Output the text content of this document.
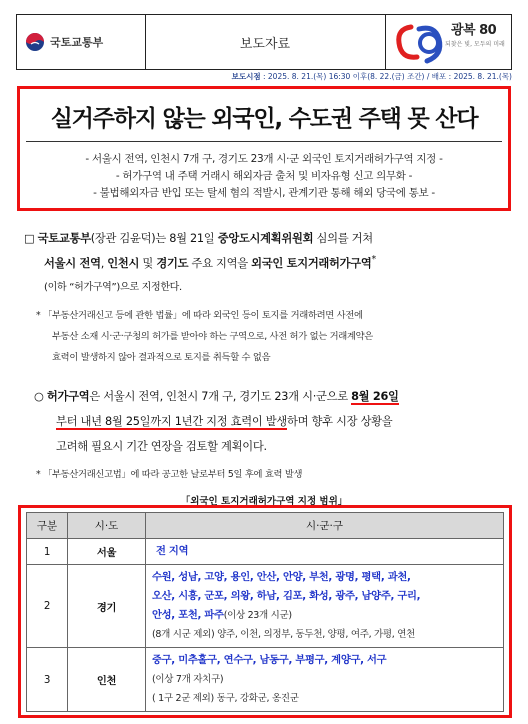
국토교통부	보도자료
광복 80
되찾은 빛, 모두의 미래
보도시점 : 2025. 8. 21.(목) 16:30 이후(8. 22.(금) 조간) / 배포 : 2025. 8. 21.(목)
실거주하지 않는 외국인, 수도권 주택 못 산다
- 서울시 전역, 인천시 7개 구, 경기도 23개 시·군 외국인 토지거래허가구역 지정 -
- 허가구역 내 주택 거래시 해외자금 출처 및 비자유형 신고 의무화 -
- 불법해외자금 반입 또는 탈세 혐의 적발시, 관계기관 통해 해외 당국에 통보 -
□ 국토교통부(장관 김윤덕)는 8월 21일 중앙도시계획위원회 심의를 거쳐
서울시 전역, 인천시 및 경기도 주요 지역을 외국인 토지거래허가구역*
(이하 “허가구역”)으로 지정한다.
* 「부동산거래신고 등에 관한 법률」에 따라 외국인 등이 토지를 거래하려면 사전에
부동산 소재 시·군·구청의 허가를 받아야 하는 구역으로, 사전 허가 없는 거래계약은
효력이 발생하지 않아 결과적으로 토지를 취득할 수 없음
○ 허가구역은 서울시 전역, 인천시 7개 구, 경기도 23개 시·군으로 8월 26일
부터 내년 8월 25일까지 1년간 지정 효력이 발생하며 향후 시장 상황을
고려해 필요시 기간 연장을 검토할 계획이다.
* 「부동산거래신고법」에 따라 공고한 날로부터 5일 후에 효력 발생
「외국인 토지거래허가구역 지정 범위」
구분	시·도	시·군·구
1	서울	전 지역
2	경기	수원, 성남, 고양, 용인, 안산, 안양, 부천, 광명, 평택, 과천,
오산, 시흥, 군포, 의왕, 하남, 김포, 화성, 광주, 남양주, 구리,
안성, 포천, 파주(이상 23개 시군)
(8개 시군 제외) 양주, 이천, 의정부, 동두천, 양평, 여주, 가평, 연천

3	인천	중구, 미추홀구, 연수구, 남동구, 부평구, 계양구, 서구
(이상 7개 자치구)
( 1구 2군 제외) 동구, 강화군, 옹진군
